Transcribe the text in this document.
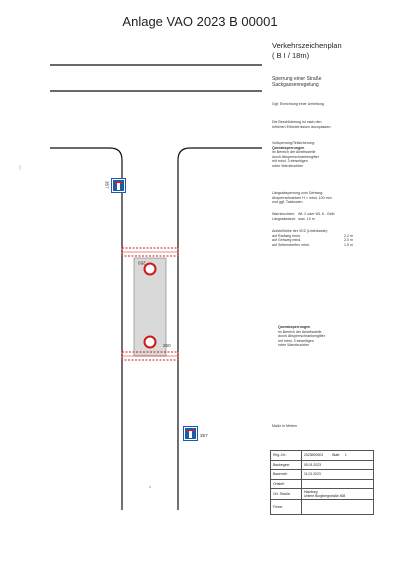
Anlage VAO 2023 B 00001
250
250
357
357
Verkehrszeichenplan
( B I / 18m)
Sperrung einer Straße
Sackgassenregelung
Ggf. Einrichtung einer Umleitung
Die Beschilderung ist nach den
örtlichen Erfordernissen anzupassen.
Vollsperrung/Teilsicherung:
Querabsperrungen
im Bereich der Arbeitsstelle
durch Absperrschrankengitter
mit mind. 3 einseitigen
roten Warnleuchten
Längsabsperrung zum Gehweg:
Absperrschranken H = mind. 100 mm
und ggf. Tastboden
Warnleuchten: WL 2 oder WL 8 - Gelb
Längsabstand: max. 10 m
Aufstellhöhe der VKZ (Unterkante):
auf Radweg hmin.	2,2 m
auf Gehweg mind.	2,0 m
auf Seitenstreifen mind.	1,5 m
Querabsperrungen
im Bereich der Arbeitsstelle
durch Absperrschrankengitter
mit mind. 3 einseitigen
roten Warnleuchten
Maße in Metern
Reg.-Nr.:	2023B00001 Blatt: 1
Baubeginn:	05.01.2023
Bauende:	11.01.2023
Ortsteil:	
Ort. Straße:	Halzburg
Untere Burgbergstraße 468

Firma:	
